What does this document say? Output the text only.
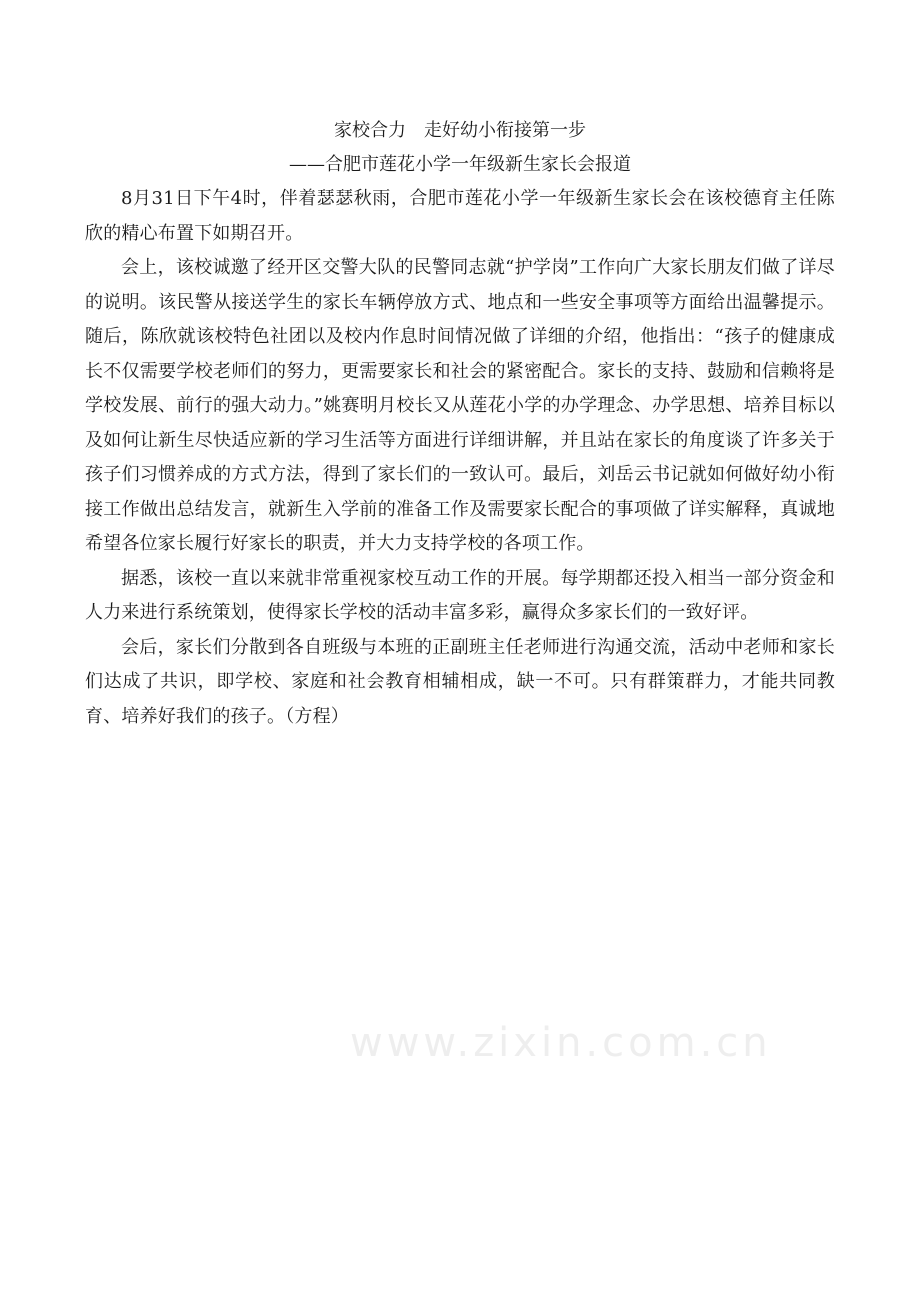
家校合力　走好幼小衔接第一步
——合肥市莲花小学一年级新生家长会报道

8月31日下午4时，伴着瑟瑟秋雨，合肥市莲花小学一年级新生家长会在该校德育主任陈欣的精心布置下如期召开。

会上，该校诚邀了经开区交警大队的民警同志就“护学岗”工作向广大家长朋友们做了详尽的说明。该民警从接送学生的家长车辆停放方式、地点和一些安全事项等方面给出温馨提示。随后，陈欣就该校特色社团以及校内作息时间情况做了详细的介绍，他指出：“孩子的健康成长不仅需要学校老师们的努力，更需要家长和社会的紧密配合。家长的支持、鼓励和信赖将是学校发展、前行的强大动力。”姚赛明月校长又从莲花小学的办学理念、办学思想、培养目标以及如何让新生尽快适应新的学习生活等方面进行详细讲解，并且站在家长的角度谈了许多关于孩子们习惯养成的方式方法，得到了家长们的一致认可。最后，刘岳云书记就如何做好幼小衔接工作做出总结发言，就新生入学前的准备工作及需要家长配合的事项做了详实解释，真诚地希望各位家长履行好家长的职责，并大力支持学校的各项工作。

据悉，该校一直以来就非常重视家校互动工作的开展。每学期都还投入相当一部分资金和人力来进行系统策划，使得家长学校的活动丰富多彩，赢得众多家长们的一致好评。

会后，家长们分散到各自班级与本班的正副班主任老师进行沟通交流，活动中老师和家长们达成了共识，即学校、家庭和社会教育相辅相成，缺一不可。只有群策群力，才能共同教育、培养好我们的孩子。（方程）

www.zixin.com.cn
